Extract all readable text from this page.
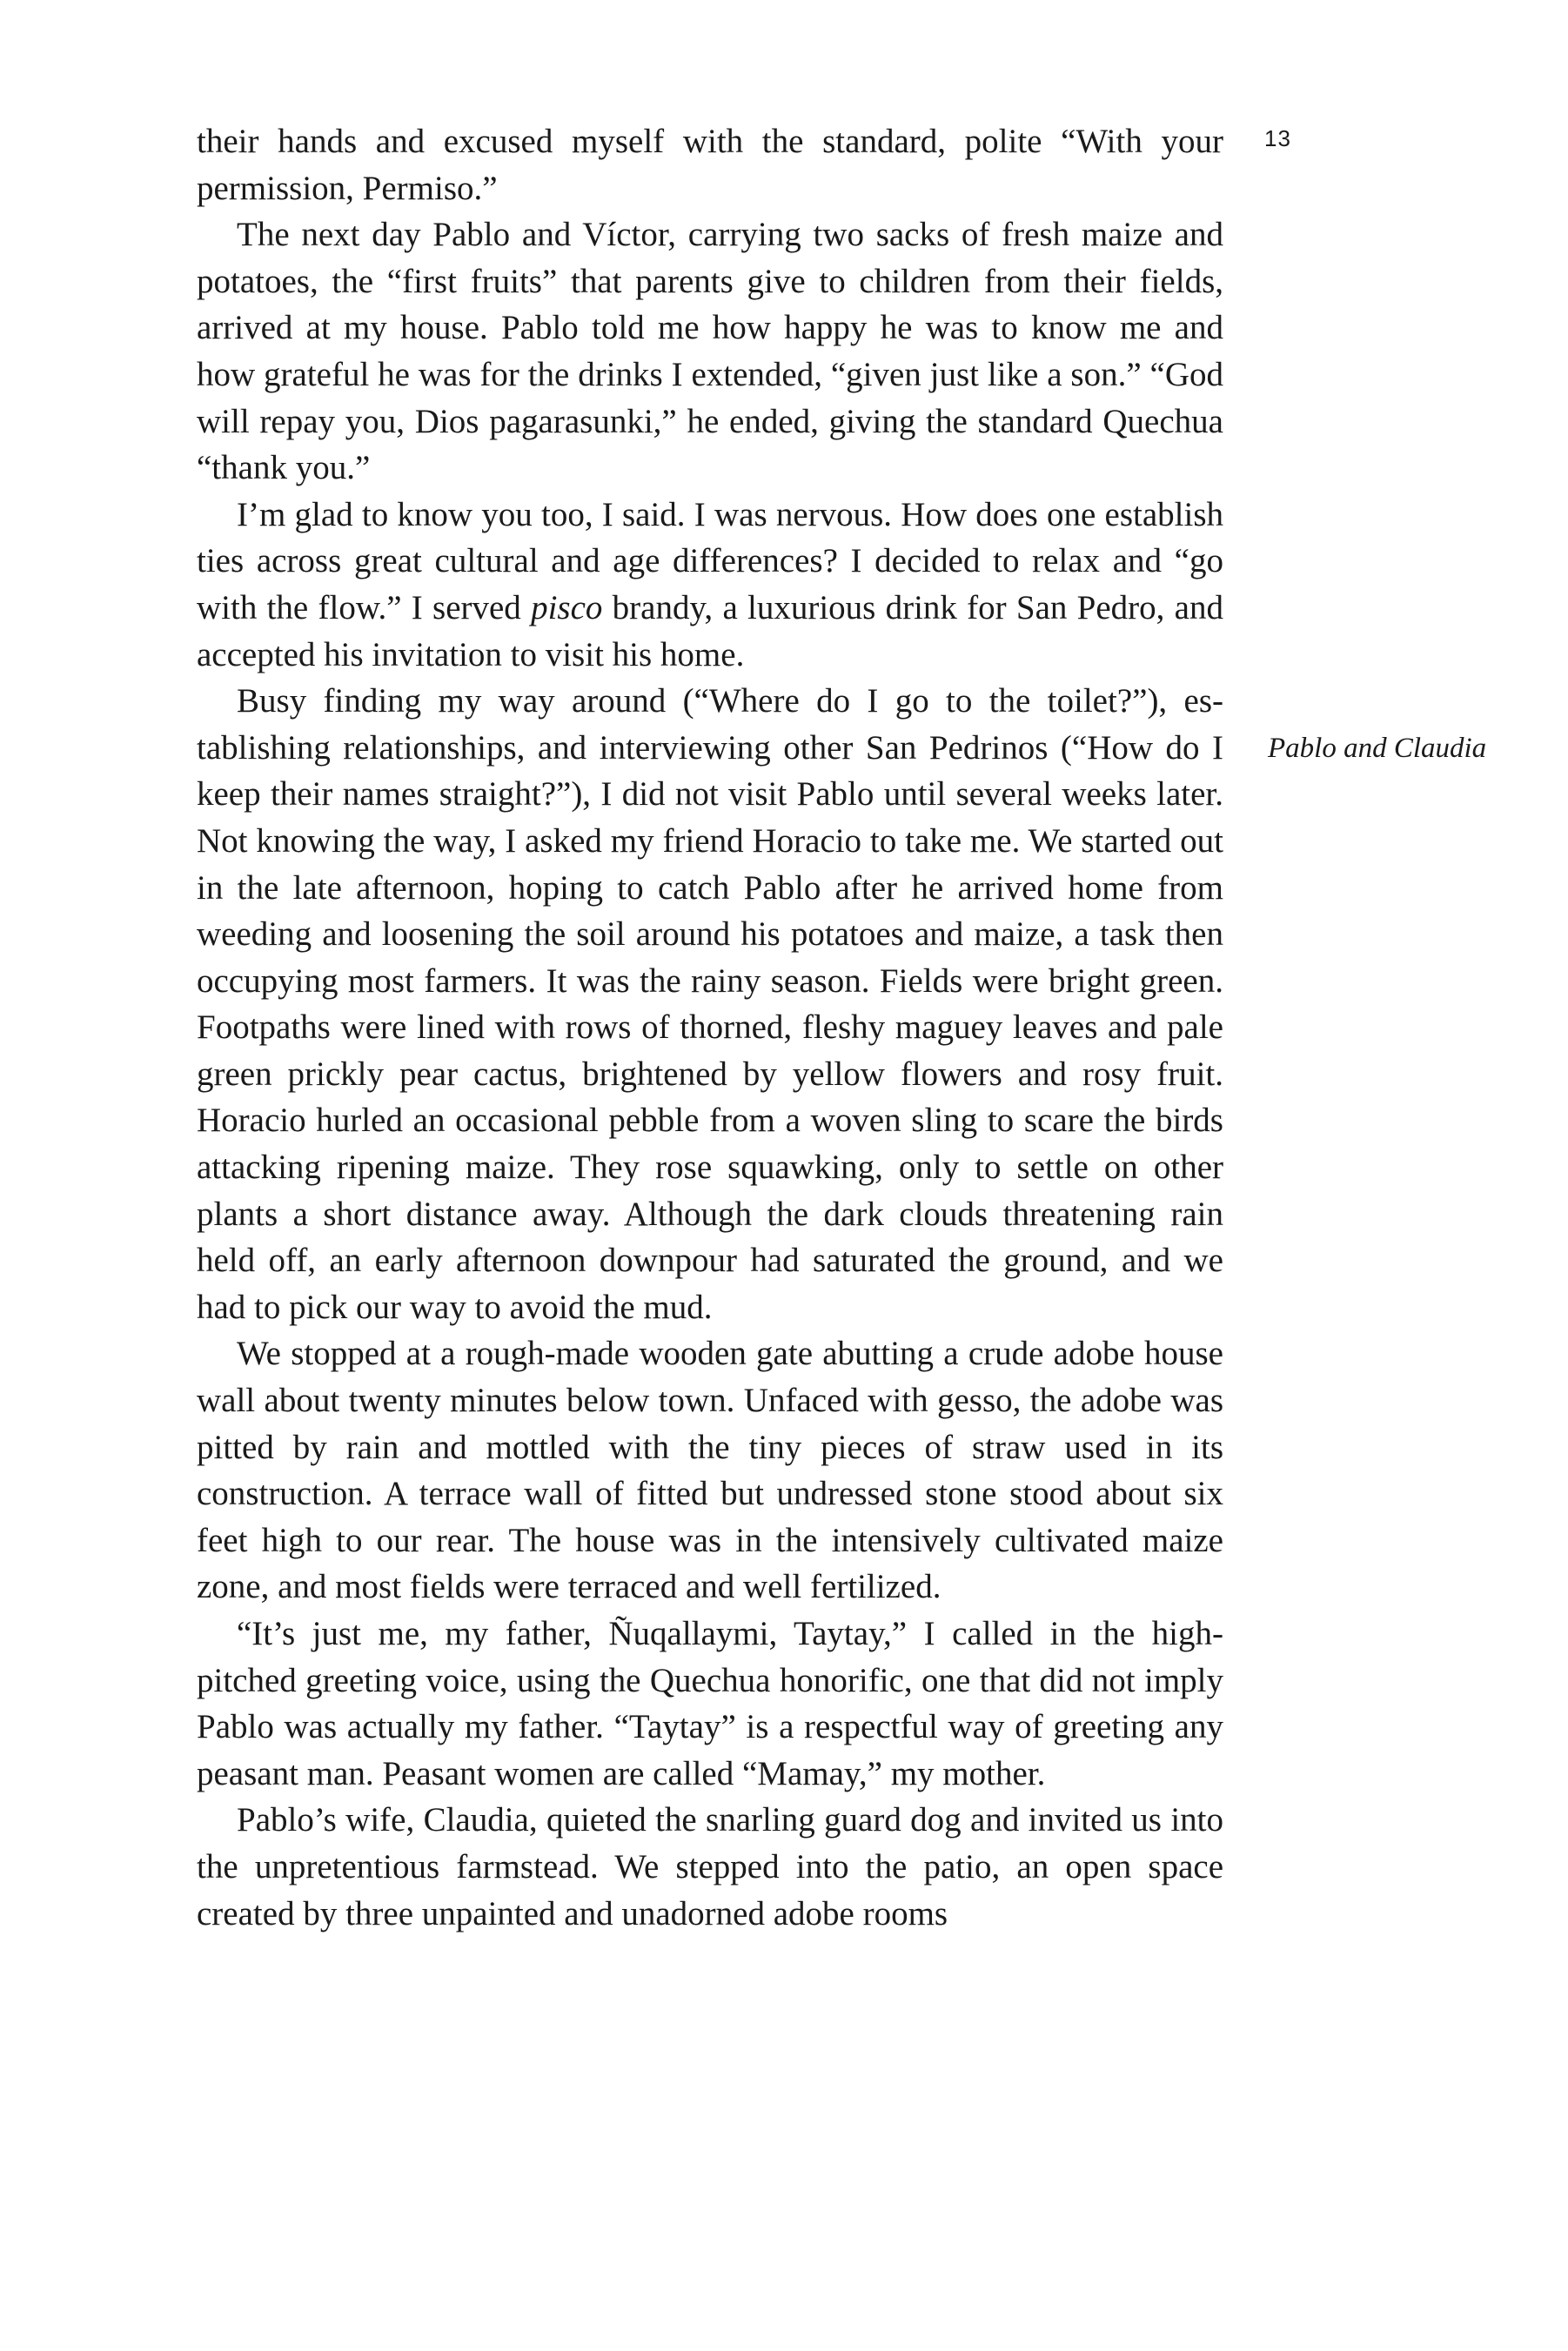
13
Pablo and Claudia

their hands and excused myself with the standard, polite “With your permission, Permiso.”

The next day Pablo and Víctor, carrying two sacks of fresh maize and potatoes, the “first fruits” that parents give to children from their fields, arrived at my house. Pablo told me how happy he was to know me and how grateful he was for the drinks I extended, “given just like a son.” “God will repay you, Dios pagarasunki,” he ended, giving the standard Quechua “thank you.”

I’m glad to know you too, I said. I was nervous. How does one establish ties across great cultural and age differences? I decided to relax and “go with the flow.” I served pisco brandy, a luxurious drink for San Pedro, and accepted his invitation to visit his home.

Busy finding my way around (“Where do I go to the toilet?”), establishing relationships, and interviewing other San Pedrinos (“How do I keep their names straight?”), I did not visit Pablo until several weeks later. Not knowing the way, I asked my friend Horacio to take me. We started out in the late afternoon, hoping to catch Pablo after he arrived home from weeding and loosening the soil around his potatoes and maize, a task then occupying most farmers. It was the rainy season. Fields were bright green. Footpaths were lined with rows of thorned, fleshy maguey leaves and pale green prickly pear cactus, brightened by yellow flowers and rosy fruit. Horacio hurled an occasional pebble from a woven sling to scare the birds attacking ripening maize. They rose squawking, only to settle on other plants a short distance away. Although the dark clouds threatening rain held off, an early afternoon downpour had saturated the ground, and we had to pick our way to avoid the mud.

We stopped at a rough-made wooden gate abutting a crude adobe house wall about twenty minutes below town. Unfaced with gesso, the adobe was pitted by rain and mottled with the tiny pieces of straw used in its construction. A terrace wall of fitted but undressed stone stood about six feet high to our rear. The house was in the intensively cultivated maize zone, and most fields were terraced and well fertilized.

“It’s just me, my father, Ñuqallaymi, Taytay,” I called in the high-pitched greeting voice, using the Quechua honorific, one that did not imply Pablo was actually my father. “Taytay” is a respectful way of greeting any peasant man. Peasant women are called “Mamay,” my mother.

Pablo’s wife, Claudia, quieted the snarling guard dog and invited us into the unpretentious farmstead. We stepped into the patio, an open space created by three unpainted and unadorned adobe rooms
